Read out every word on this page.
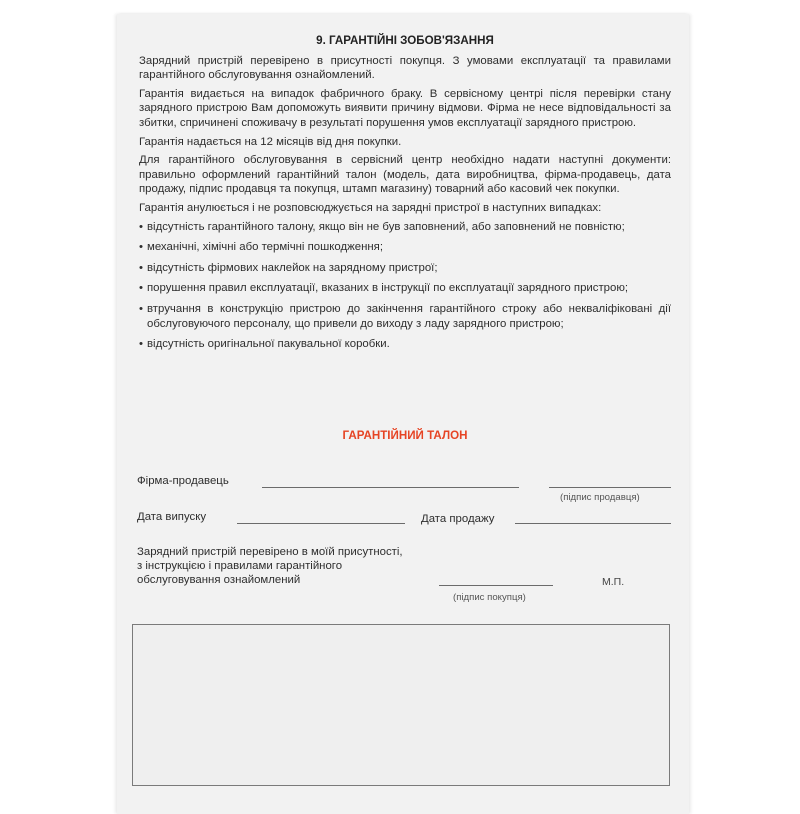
9. ГАРАНТІЙНІ ЗОБОВ'ЯЗАННЯ

Зарядний пристрій перевірено в присутності покупця. З умовами експлуатації та правилами гарантійного обслуговування ознайомлений.

Гарантія видається на випадок фабричного браку. В сервісному центрі після перевірки стану зарядного пристрою Вам допоможуть виявити причину відмови. Фірма не несе відповідальності за збитки, спричинені споживачу в результаті порушення умов експлуатації зарядного пристрою.

Гарантія надається на 12 місяців від дня покупки.

Для гарантійного обслуговування в сервісний центр необхідно надати наступні документи: правильно оформлений гарантійний талон (модель, дата виробництва, фірма-продавець, дата продажу, підпис продавця та покупця, штамп магазину) товарний або касовий чек покупки.

Гарантія анулюється і не розповсюджується на зарядні пристрої в наступних випадках:

• відсутність гарантійного талону, якщо він не був заповнений, або заповнений не повністю;
• механічні, хімічні або термічні пошкодження;
• відсутність фірмових наклейок на зарядному пристрої;
• порушення правил експлуатації, вказаних в інструкції по експлуатації зарядного пристрою;
• втручання в конструкцію пристрою до закінчення гарантійного строку або некваліфіковані дії обслуговуючого персоналу, що привели до виходу з ладу зарядного пристрою;
• відсутність оригінальної пакувальної коробки.
ГАРАНТІЙНИЙ ТАЛОН
Фірма-продавець
(підпис продавця)
Дата випуску	Дата продажу
Зарядний пристрій перевірено в моїй присутності,
з інструкцією і правилами гарантійного
обслуговування ознайомлений
(підпис покупця)
М.П.
